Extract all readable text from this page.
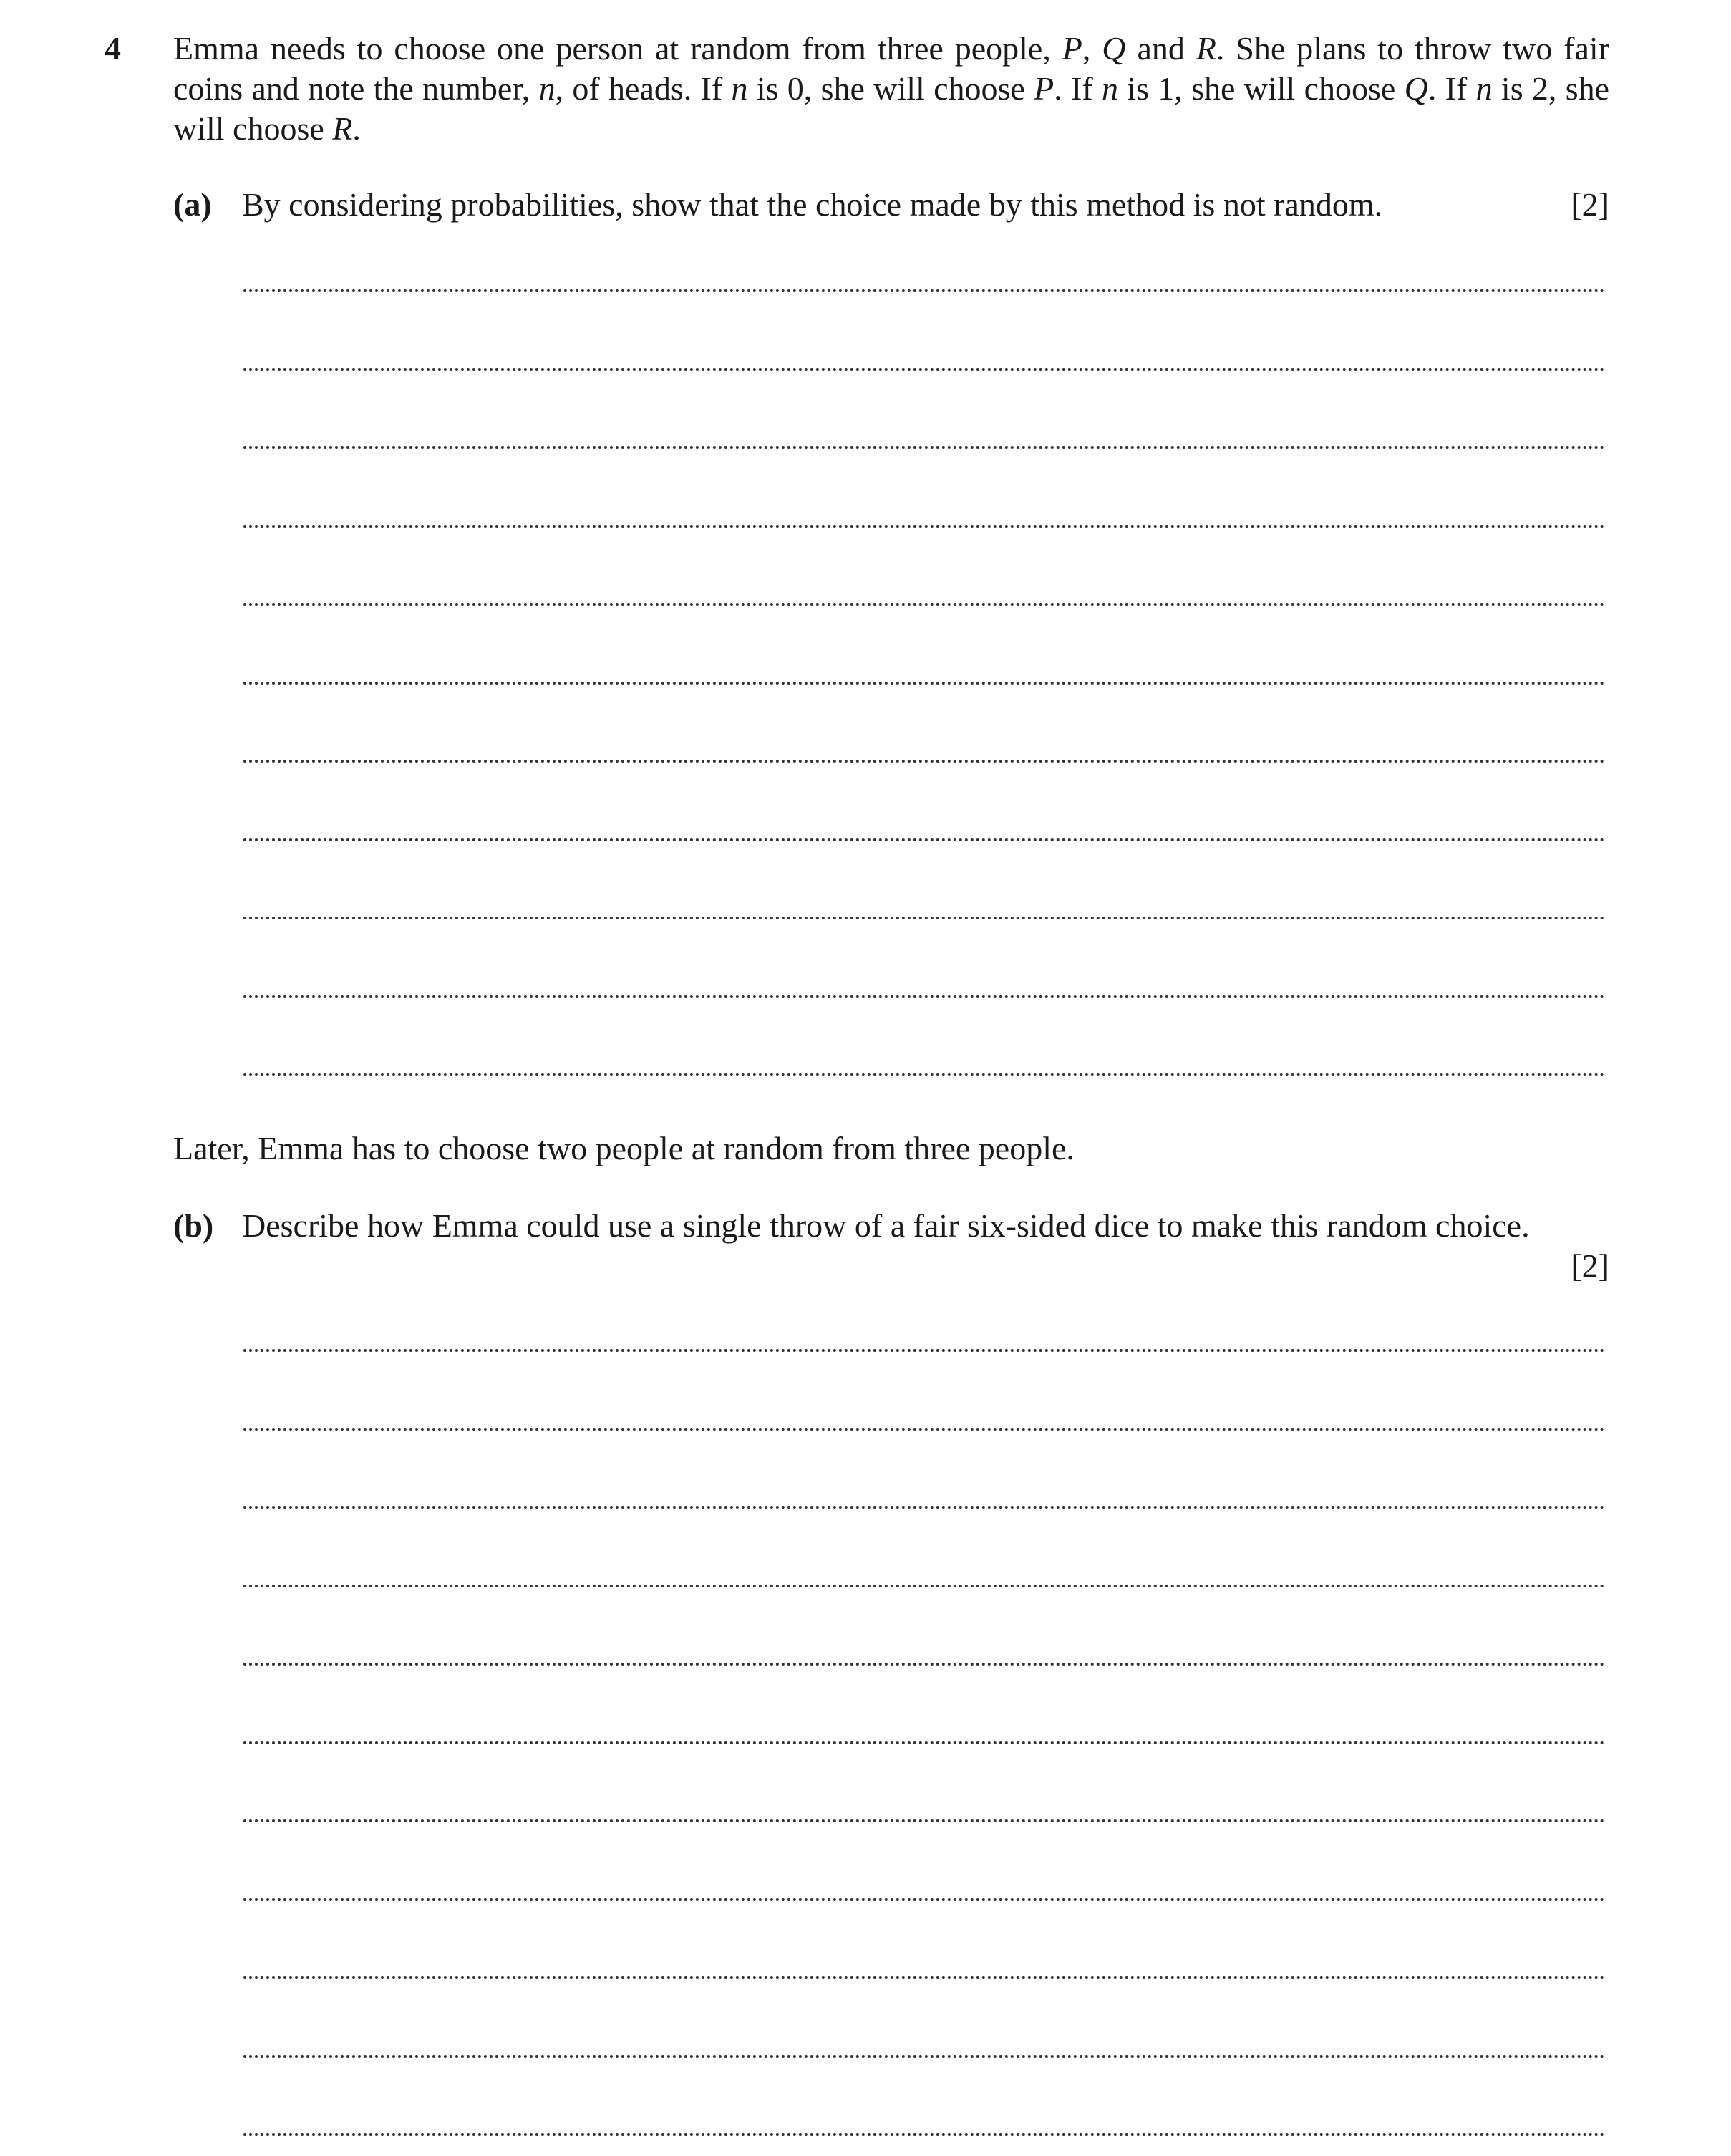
4 Emma needs to choose one person at random from three people, P, Q and R. She plans to throw two fair coins and note the number, n, of heads. If n is 0, she will choose P. If n is 1, she will choose Q. If n is 2, she will choose R.
(a) By considering probabilities, show that the choice made by this method is not random.	[2]
Later, Emma has to choose two people at random from three people.
(b) Describe how Emma could use a single throw of a fair six-sided dice to make this random choice.
[2]
